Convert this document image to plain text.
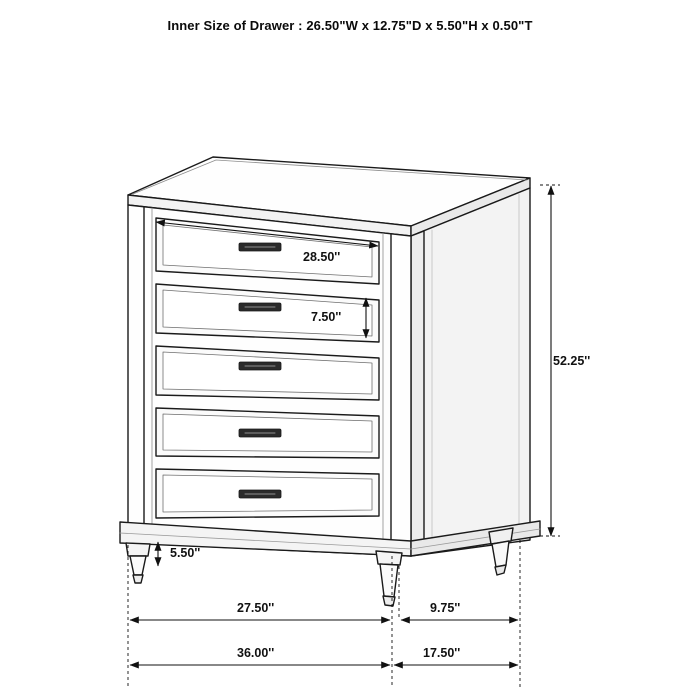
Inner Size of Drawer : 26.50"W x 12.75"D x 5.50"H x 0.50"T
28.50''
7.50''
52.25''
5.50''
27.50''	9.75''
36.00''	17.50''
